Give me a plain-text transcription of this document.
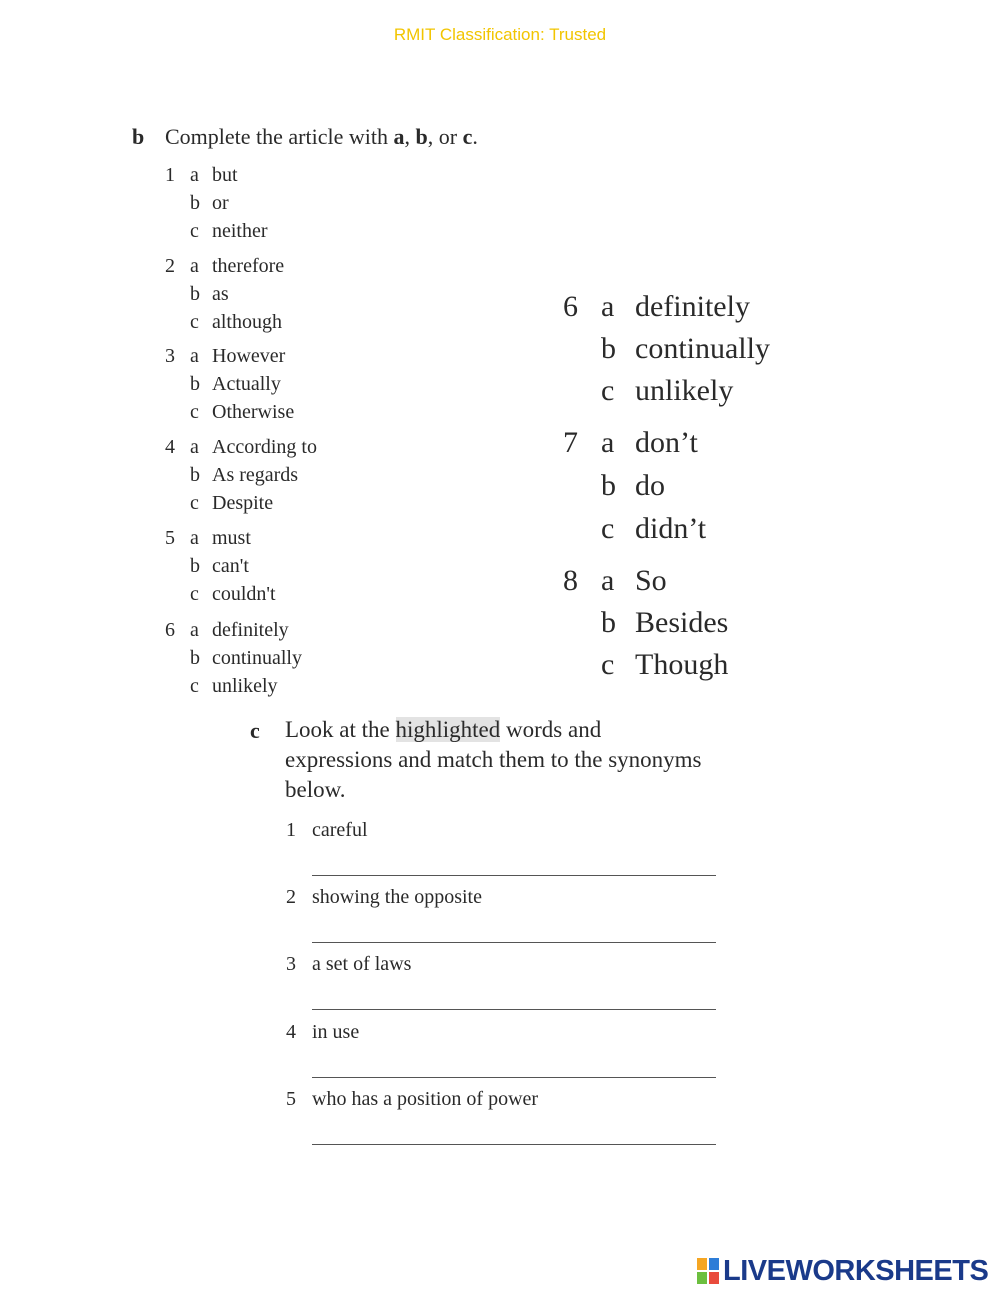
RMIT Classification: Trusted
b Complete the article with a, b, or c.
1 a but
b or
c neither
2 a therefore
b as
c although
3 a However
b Actually
c Otherwise
4 a According to
b As regards
c Despite
5 a must
b can't
c couldn't
6 a definitely
b continually
c unlikely
6 a definitely
b continually
c unlikely
7 a don’t
b do
c didn’t
8 a So
b Besides
c Though
c Look at the highlighted words and expressions and match them to the synonyms below.
1 careful
2 showing the opposite
3 a set of laws
4 in use
5 who has a position of power
LIVEWORKSHEETS
